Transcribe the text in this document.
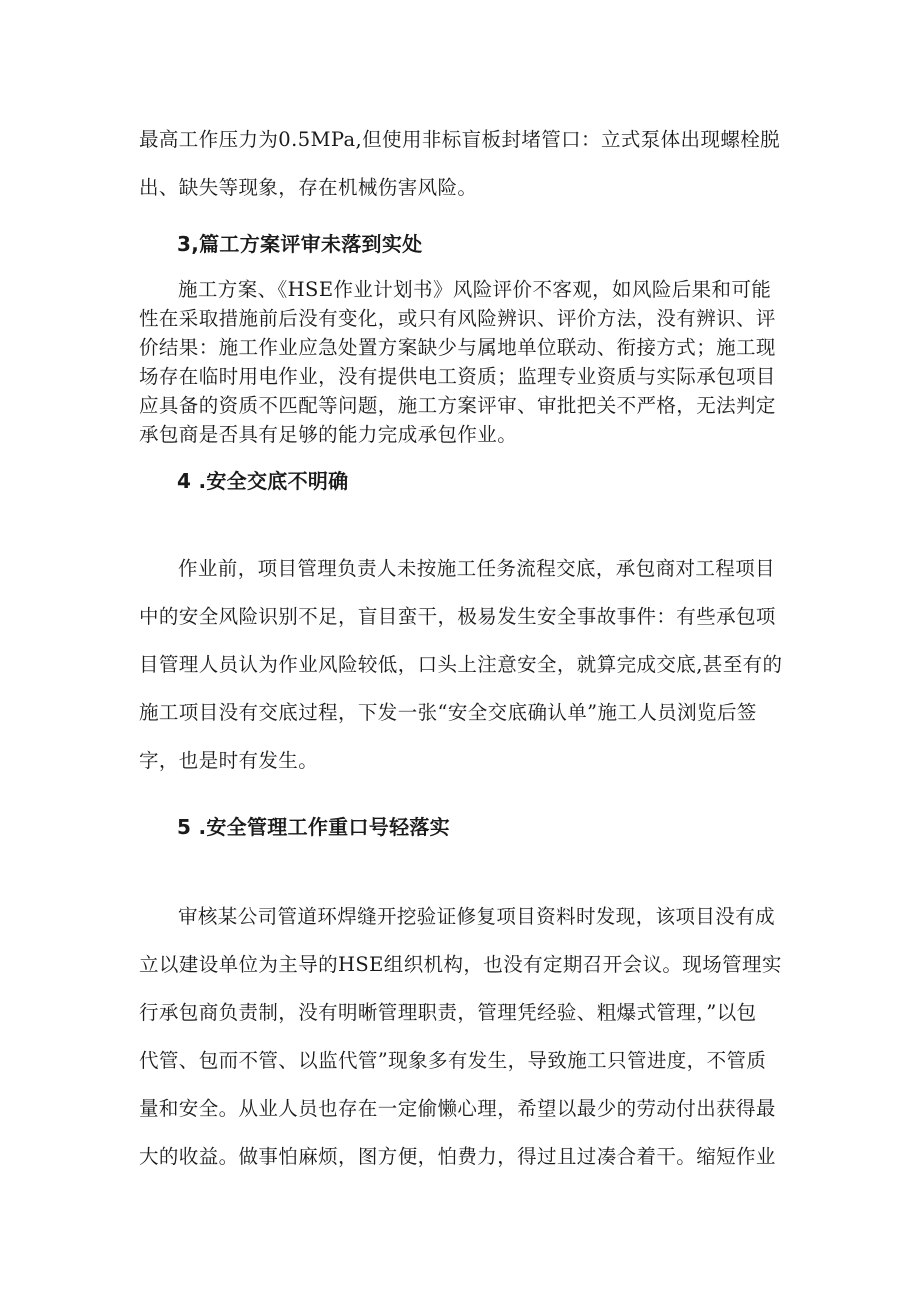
最高工作压力为0.5MPa,但使用非标盲板封堵管口：立式泵体出现螺栓脱
出、缺失等现象，存在机械伤害风险。
3,篇工方案评审未落到实处
施工方案、《HSE作业计划书》风险评价不客观，如风险后果和可能
性在采取措施前后没有变化，或只有风险辨识、评价方法，没有辨识、评
价结果：施工作业应急处置方案缺少与属地单位联动、衔接方式；施工现
场存在临时用电作业，没有提供电工资质；监理专业资质与实际承包项目
应具备的资质不匹配等问题，施工方案评审、审批把关不严格，无法判定
承包商是否具有足够的能力完成承包作业。
4 .安全交底不明确
作业前，项目管理负责人未按施工任务流程交底，承包商对工程项目
中的安全风险识别不足，盲目蛮干，极易发生安全事故事件：有些承包项
目管理人员认为作业风险较低，口头上注意安全，就算完成交底,甚至有的
施工项目没有交底过程，下发一张“安全交底确认单”施工人员浏览后签
字，也是时有发生。
5 .安全管理工作重口号轻落实
审核某公司管道环焊缝开挖验证修复项目资料时发现，该项目没有成
立以建设单位为主导的HSE组织机构，也没有定期召开会议。现场管理实
行承包商负责制，没有明晰管理职责，管理凭经验、粗爆式管理，”以包
代管、包而不管、以监代管”现象多有发生，导致施工只管进度，不管质
量和安全。从业人员也存在一定偷懒心理，希望以最少的劳动付出获得最
大的收益。做事怕麻烦，图方便，怕费力，得过且过凑合着干。缩短作业
